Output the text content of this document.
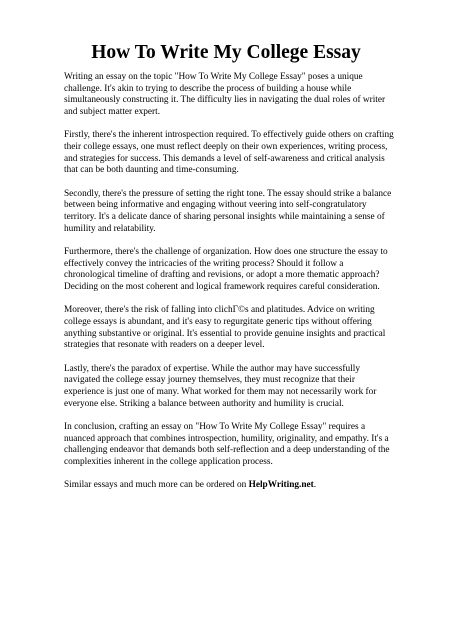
How To Write My College Essay

Writing an essay on the topic "How To Write My College Essay" poses a unique challenge. It's akin to trying to describe the process of building a house while simultaneously constructing it. The difficulty lies in navigating the dual roles of writer and subject matter expert.

Firstly, there's the inherent introspection required. To effectively guide others on crafting their college essays, one must reflect deeply on their own experiences, writing process, and strategies for success. This demands a level of self-awareness and critical analysis that can be both daunting and time-consuming.

Secondly, there's the pressure of setting the right tone. The essay should strike a balance between being informative and engaging without veering into self-congratulatory territory. It's a delicate dance of sharing personal insights while maintaining a sense of humility and relatability.

Furthermore, there's the challenge of organization. How does one structure the essay to effectively convey the intricacies of the writing process? Should it follow a chronological timeline of drafting and revisions, or adopt a more thematic approach? Deciding on the most coherent and logical framework requires careful consideration.

Moreover, there's the risk of falling into clichГ©s and platitudes. Advice on writing college essays is abundant, and it's easy to regurgitate generic tips without offering anything substantive or original. It's essential to provide genuine insights and practical strategies that resonate with readers on a deeper level.

Lastly, there's the paradox of expertise. While the author may have successfully navigated the college essay journey themselves, they must recognize that their experience is just one of many. What worked for them may not necessarily work for everyone else. Striking a balance between authority and humility is crucial.

In conclusion, crafting an essay on "How To Write My College Essay" requires a nuanced approach that combines introspection, humility, originality, and empathy. It's a challenging endeavor that demands both self-reflection and a deep understanding of the complexities inherent in the college application process.

Similar essays and much more can be ordered on HelpWriting.net.
